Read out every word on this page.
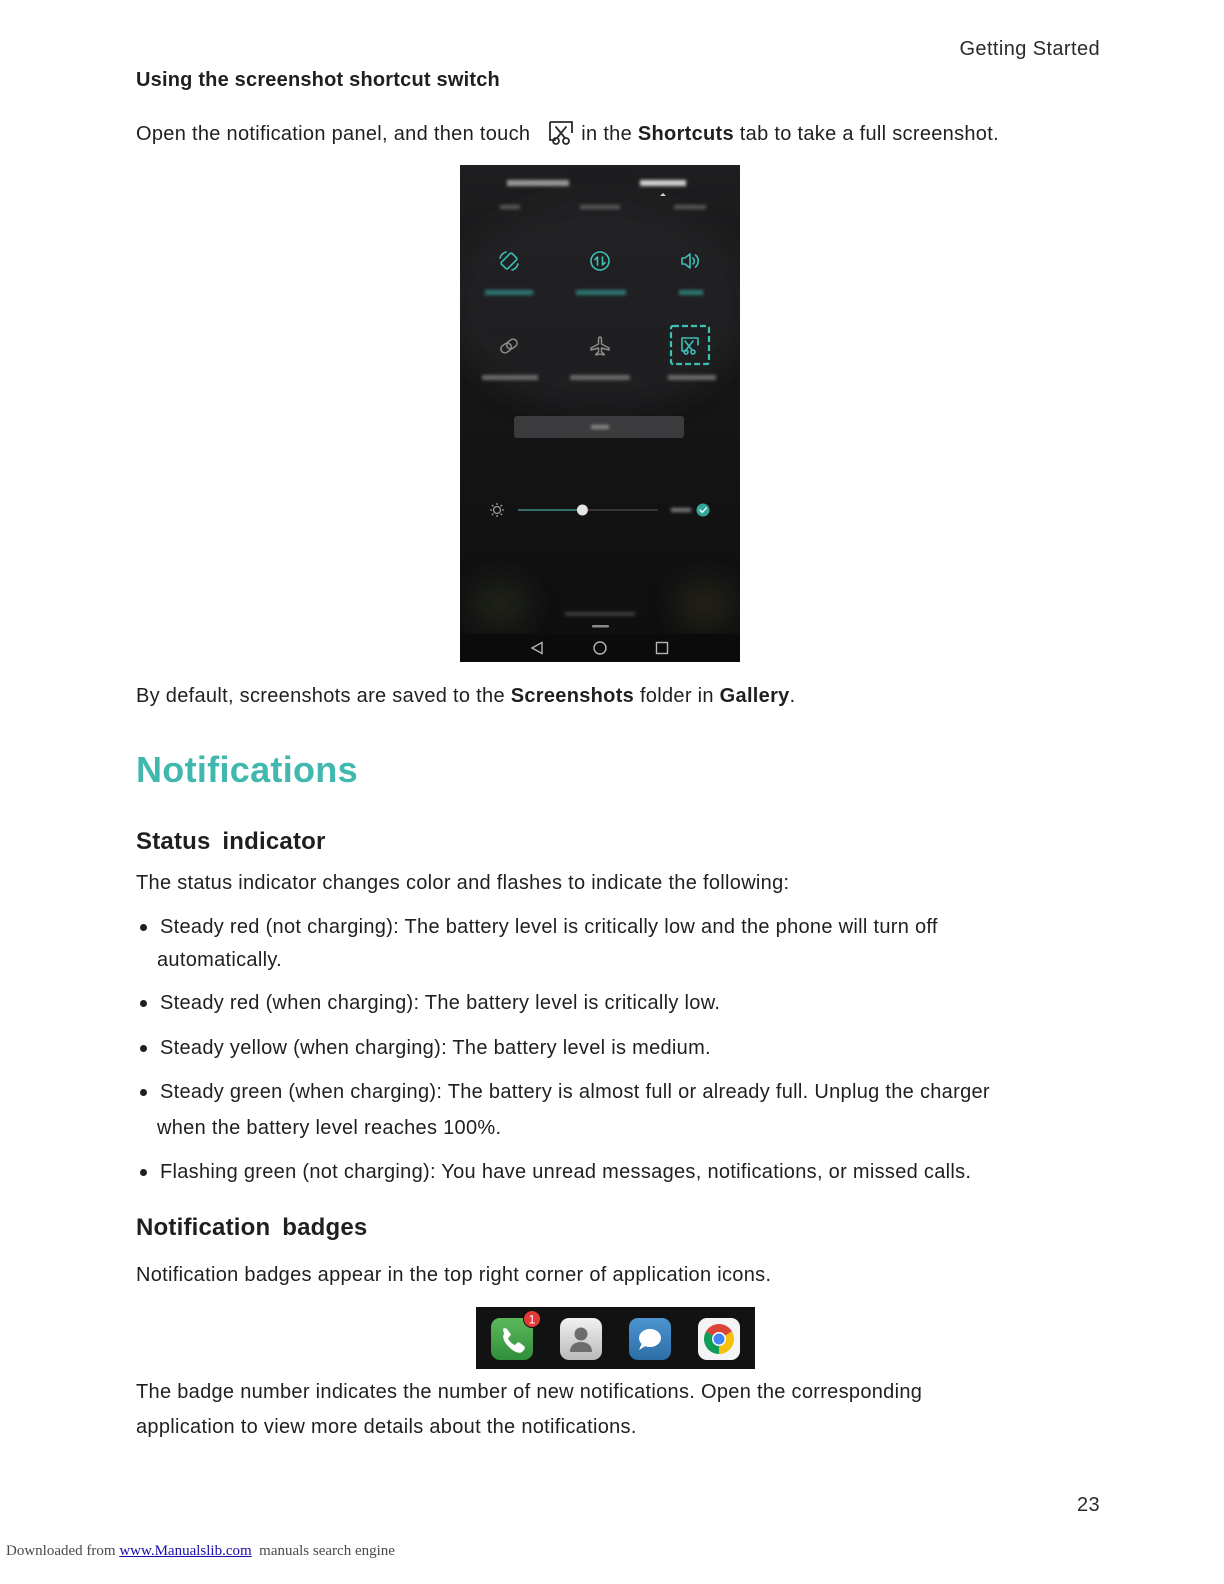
Getting Started
Using the screenshot shortcut switch
Open the notification panel, and then touch	in the Shortcuts tab to take a full screenshot.
By default, screenshots are saved to the Screenshots folder in Gallery.
Notifications
Status indicator
The status indicator changes color and flashes to indicate the following:
Steady red (not charging): The battery level is critically low and the phone will turn off
automatically.
Steady red (when charging): The battery level is critically low.
Steady yellow (when charging): The battery level is medium.
Steady green (when charging): The battery is almost full or already full. Unplug the charger
when the battery level reaches 100%.
Flashing green (not charging): You have unread messages, notifications, or missed calls.
Notification badges
Notification badges appear in the top right corner of application icons.
1
The badge number indicates the number of new notifications. Open the corresponding
application to view more details about the notifications.
23
Downloaded from www.Manualslib.com manuals search engine
